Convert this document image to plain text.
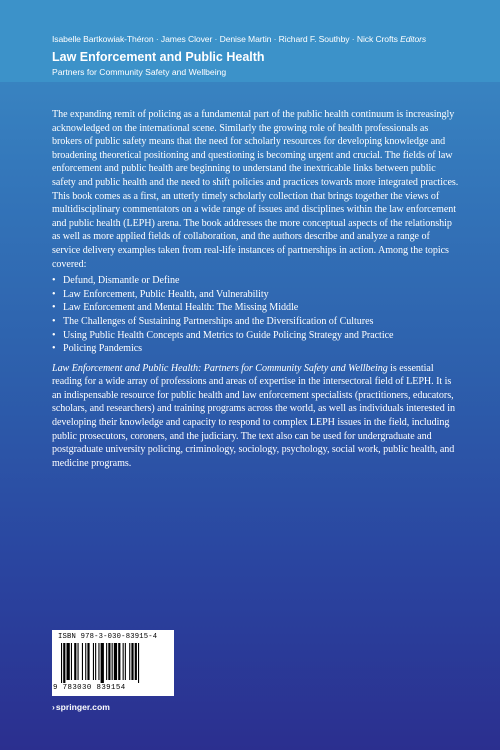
Isabelle Bartkowiak-Théron · James Clover · Denise Martin · Richard F. Southby · Nick Crofts Editors
Law Enforcement and Public Health
Partners for Community Safety and Wellbeing

The expanding remit of policing as a fundamental part of the public health continuum is increasingly acknowledged on the international scene. Similarly the growing role of health professionals as brokers of public safety means that the need for scholarly resources for developing knowledge and broadening theoretical positioning and questioning is becoming urgent and crucial. The fields of law enforcement and public health are beginning to understand the inextricable links between public safety and public health and the need to shift policies and practices towards more integrated practices. This book comes as a first, an utterly timely scholarly collection that brings together the views of multidisciplinary commentators on a wide range of issues and disciplines within the law enforcement and public health (LEPH) arena. The book addresses the more conceptual aspects of the relationship as well as more applied fields of collaboration, and the authors describe and analyze a range of service delivery examples taken from real-life instances of partnerships in action. Among the topics covered:

• Defund, Dismantle or Define
• Law Enforcement, Public Health, and Vulnerability
• Law Enforcement and Mental Health: The Missing Middle
• The Challenges of Sustaining Partnerships and the Diversification of Cultures
• Using Public Health Concepts and Metrics to Guide Policing Strategy and Practice
• Policing Pandemics

Law Enforcement and Public Health: Partners for Community Safety and Wellbeing is essential reading for a wide array of professions and areas of expertise in the intersectoral field of LEPH. It is an indispensable resource for public health and law enforcement specialists (practitioners, educators, scholars, and researchers) and training programs across the world, as well as individuals interested in developing their knowledge and capacity to respond to complex LEPH issues in the field, including public prosecutors, coroners, and the judiciary. The text also can be used for undergraduate and postgraduate university policing, criminology, sociology, psychology, social work, public health, and medicine programs.

ISBN 978-3-030-83915-4
9 783030 839154
›springer.com
